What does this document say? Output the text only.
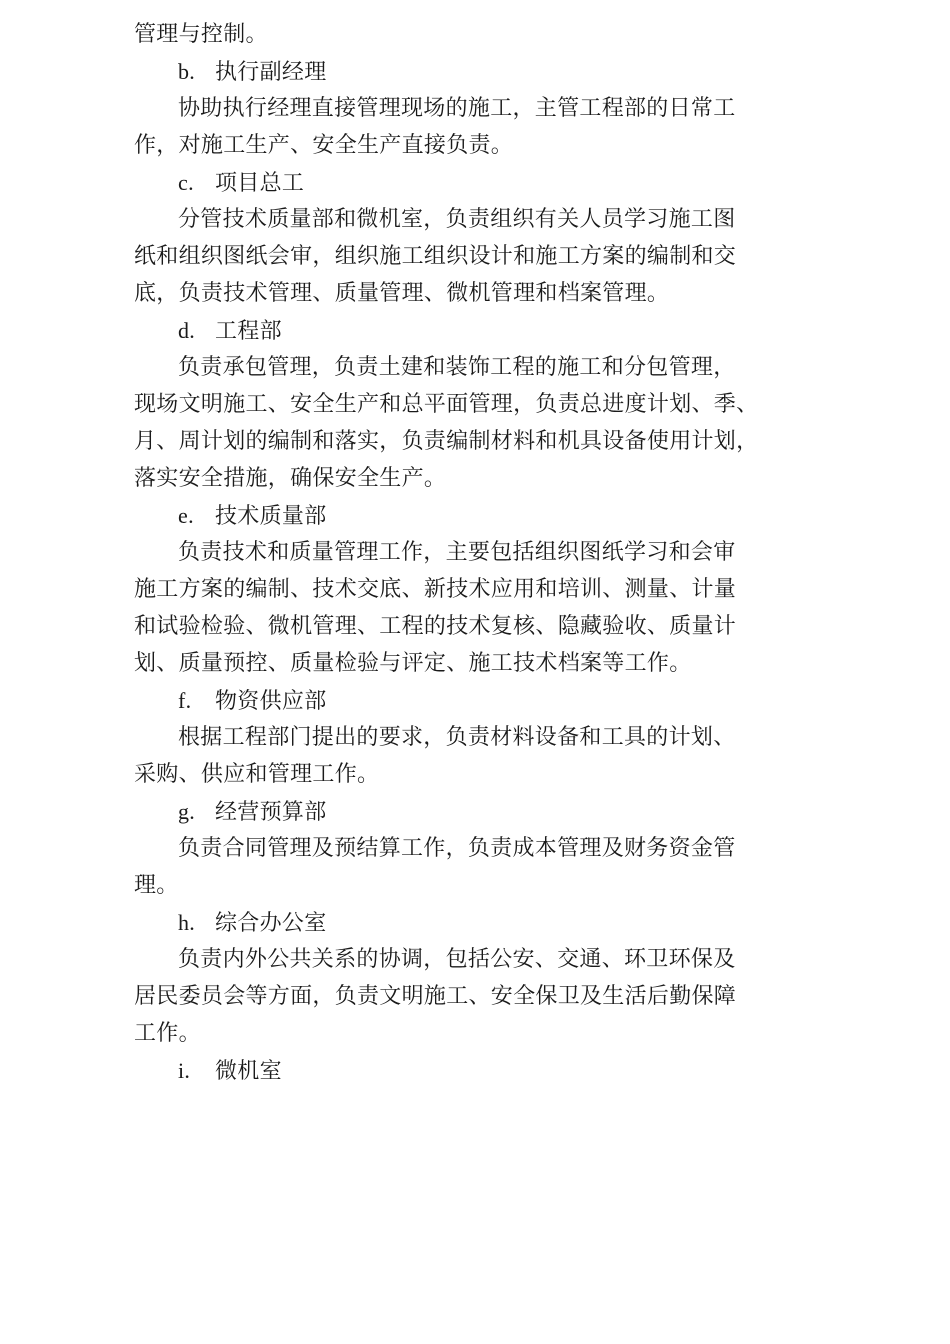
管理与控制。
b. 执行副经理
协助执行经理直接管理现场的施工，主管工程部的日常工
作，对施工生产、安全生产直接负责。
c. 项目总工
分管技术质量部和微机室，负责组织有关人员学习施工图
纸和组织图纸会审，组织施工组织设计和施工方案的编制和交
底，负责技术管理、质量管理、微机管理和档案管理。
d. 工程部
负责承包管理，负责土建和装饰工程的施工和分包管理，
现场文明施工、安全生产和总平面管理，负责总进度计划、季、
月、周计划的编制和落实，负责编制材料和机具设备使用计划，
落实安全措施，确保安全生产。
e. 技术质量部
负责技术和质量管理工作，主要包括组织图纸学习和会审
施工方案的编制、技术交底、新技术应用和培训、测量、计量
和试验检验、微机管理、工程的技术复核、隐藏验收、质量计
划、质量预控、质量检验与评定、施工技术档案等工作。
f. 物资供应部
根据工程部门提出的要求，负责材料设备和工具的计划、
采购、供应和管理工作。
g. 经营预算部
负责合同管理及预结算工作，负责成本管理及财务资金管
理。
h. 综合办公室
负责内外公共关系的协调，包括公安、交通、环卫环保及
居民委员会等方面，负责文明施工、安全保卫及生活后勤保障
工作。
i. 微机室
